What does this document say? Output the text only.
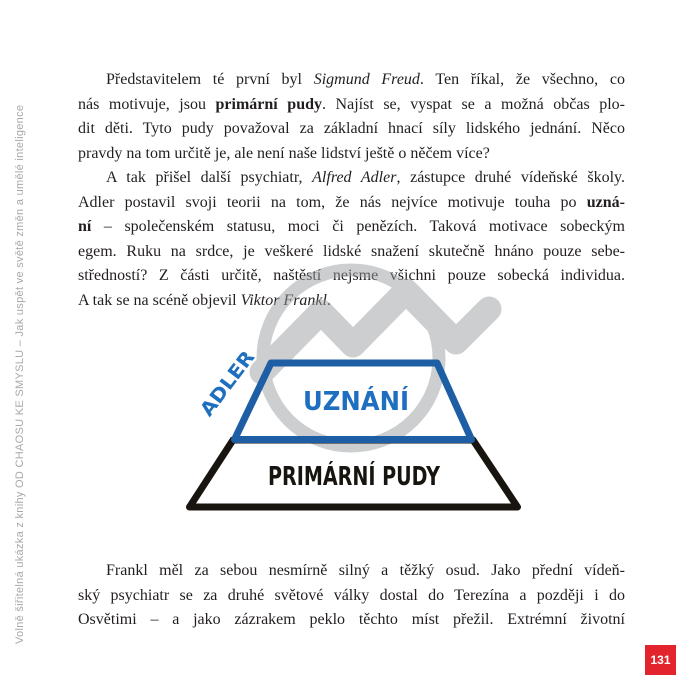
Volně šiřitelná ukázka z knihy OD CHAOSU KE SMYSLU – Jak uspět ve světě změn a umělé inteligence
Představitelem té první byl Sigmund Freud. Ten říkal, že všechno, co
nás motivuje, jsou primární pudy. Najíst se, vyspat se a možná občas plo-
dit děti. Tyto pudy považoval za základní hnací síly lidského jednání. Něco
pravdy na tom určitě je, ale není naše lidství ještě o něčem více?
A tak přišel další psychiatr, Alfred Adler, zástupce druhé vídeňské školy.
Adler postavil svoji teorii na tom, že nás nejvíce motivuje touha po uzná-
ní – společenském statusu, moci či penězích. Taková motivace sobeckým
egem. Ruku na srdce, je veškeré lidské snažení skutečně hnáno pouze sebe-
středností? Z části určitě, naštěstí nejsme všichni pouze sobecká individua.
A tak se na scéně objevil Viktor Frankl.
Frankl měl za sebou nesmírně silný a těžký osud. Jako přední vídeň-
ský psychiatr se za druhé světové války dostal do Terezína a později i do
Osvětimi – a jako zázrakem peklo těchto míst přežil. Extrémní životní
UZNÁNÍ
PRIMÁRNÍ PUDY
ADLER
131
